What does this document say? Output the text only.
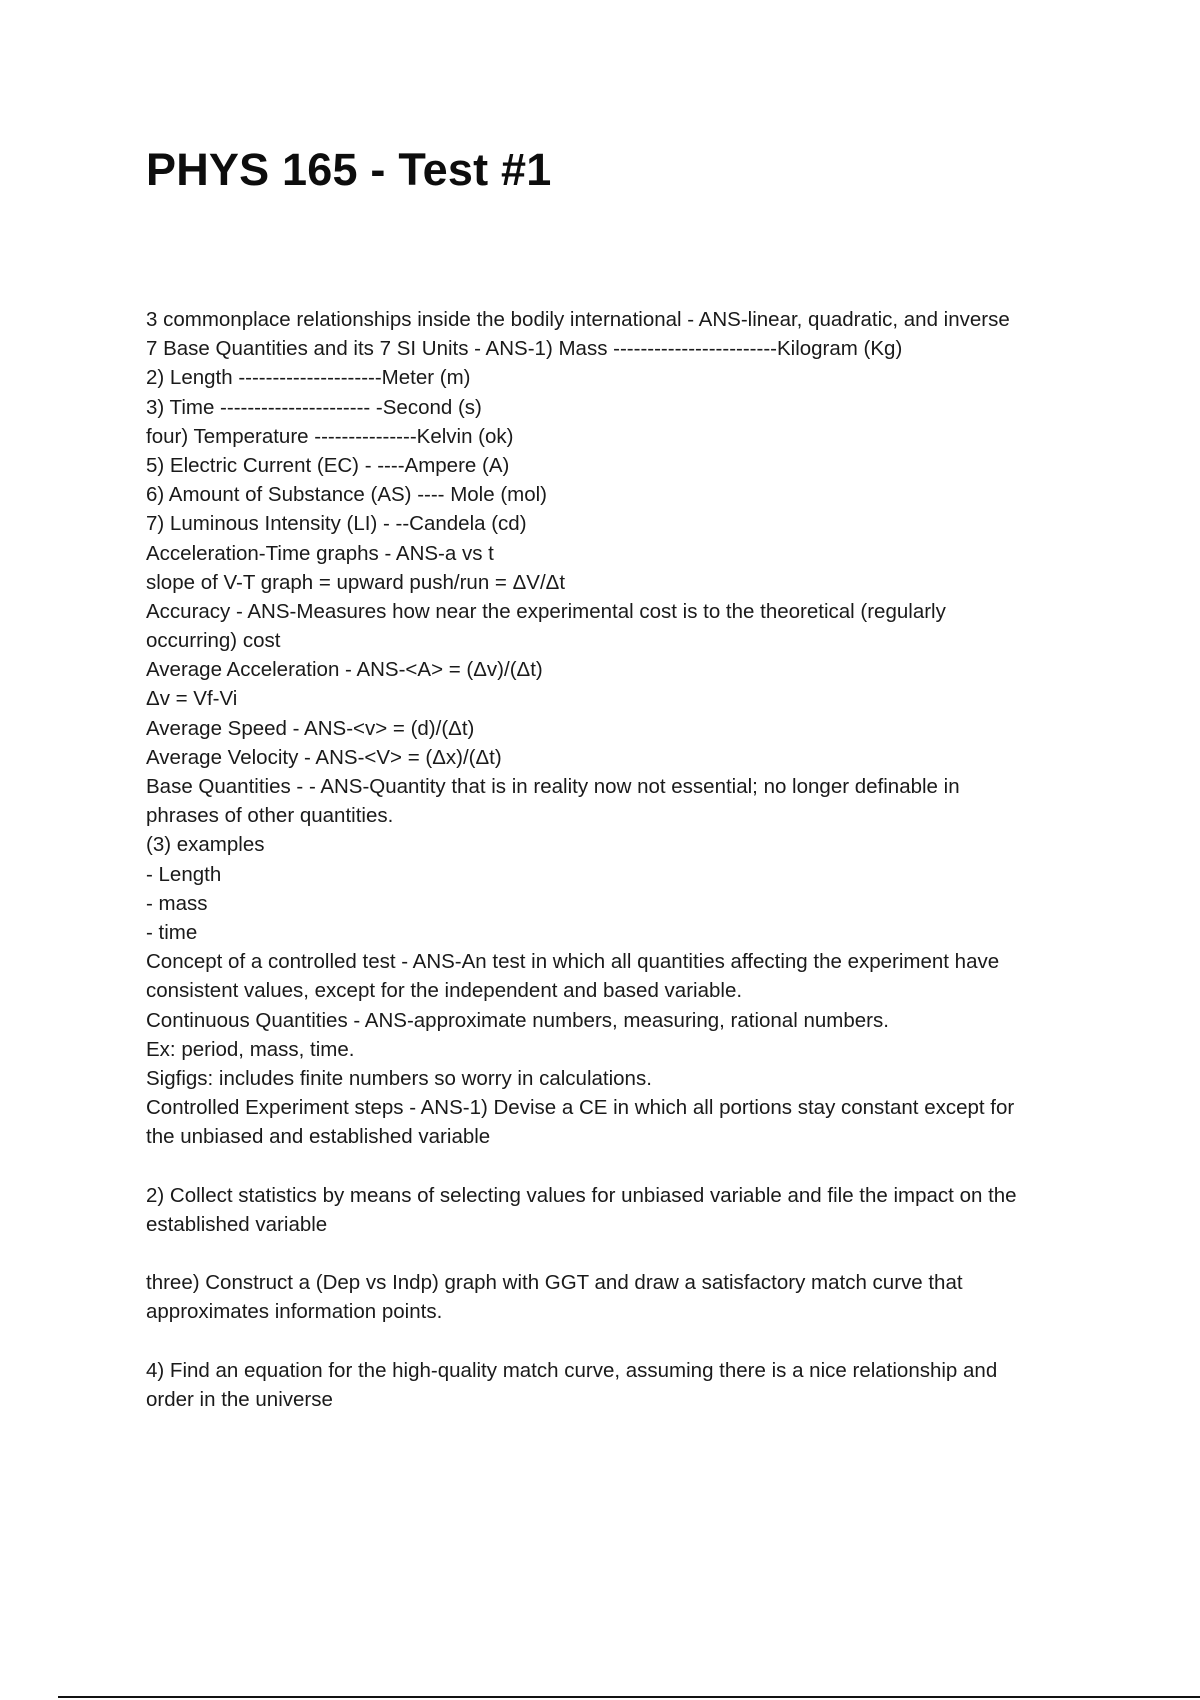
PHYS 165 - Test #1

3 commonplace relationships inside the bodily international - ANS-linear, quadratic, and inverse

7 Base Quantities and its 7 SI Units - ANS-1) Mass ------------------------Kilogram (Kg)

2) Length ---------------------Meter (m)

3) Time ---------------------- -Second (s)

four) Temperature ---------------Kelvin (ok)

5) Electric Current (EC) - ----Ampere (A)

6) Amount of Substance (AS) ---- Mole (mol)

7) Luminous Intensity (LI) - --Candela (cd)

Acceleration-Time graphs - ANS-a vs t

slope of V-T graph = upward push/run = ΔV/Δt

Accuracy - ANS-Measures how near the experimental cost is to the theoretical (regularly

occurring) cost

Average Acceleration - ANS-<A> = (Δv)/(Δt)

Δv = Vf-Vi

Average Speed - ANS-<v> = (d)/(Δt)

Average Velocity - ANS-<V> = (Δx)/(Δt)

Base Quantities - - ANS-Quantity that is in reality now not essential; no longer definable in

phrases of other quantities.

(3) examples

- Length

- mass

- time

Concept of a controlled test - ANS-An test in which all quantities affecting the experiment have

consistent values, except for the independent and based variable.

Continuous Quantities - ANS-approximate numbers, measuring, rational numbers.

Ex: period, mass, time.

Sigfigs: includes finite numbers so worry in calculations.

Controlled Experiment steps - ANS-1) Devise a CE in which all portions stay constant except for

the unbiased and established variable

2) Collect statistics by means of selecting values for unbiased variable and file the impact on the

established variable

three) Construct a (Dep vs Indp) graph with GGT and draw a satisfactory match curve that

approximates information points.

4) Find an equation for the high-quality match curve, assuming there is a nice relationship and

order in the universe
